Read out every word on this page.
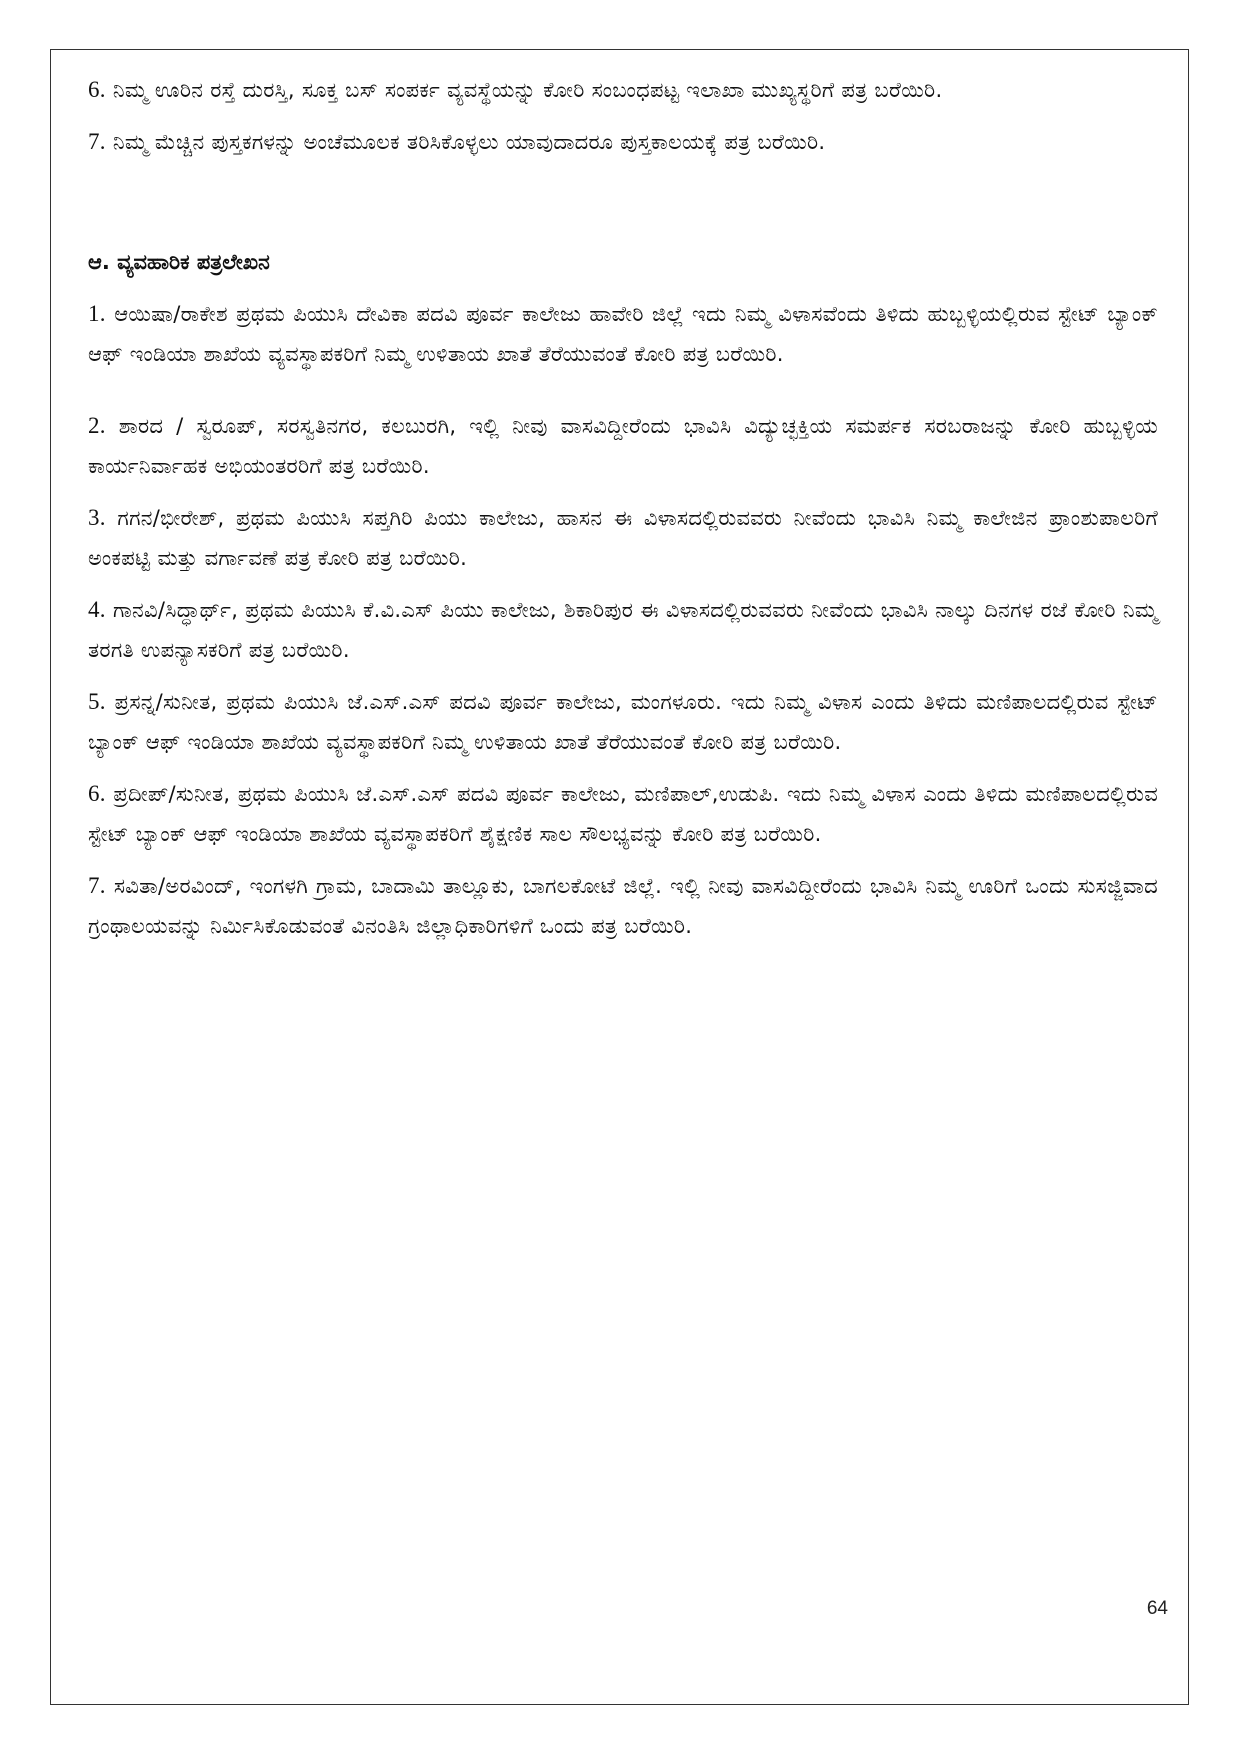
6. ನಿಮ್ಮ ಊರಿನ ರಸ್ತೆ ದುರಸ್ತಿ, ಸೂಕ್ತ ಬಸ್ ಸಂಪರ್ಕ ವ್ಯವಸ್ಥೆಯನ್ನು ಕೋರಿ ಸಂಬಂಧಪಟ್ಟ ಇಲಾಖಾ ಮುಖ್ಯಸ್ಥರಿಗೆ ಪತ್ರ ಬರೆಯಿರಿ.

7. ನಿಮ್ಮ ಮೆಚ್ಚಿನ ಪುಸ್ತಕಗಳನ್ನು ಅಂಚೆಮೂಲಕ ತರಿಸಿಕೊಳ್ಳಲು ಯಾವುದಾದರೂ ಪುಸ್ತಕಾಲಯಕ್ಕೆ ಪತ್ರ ಬರೆಯಿರಿ.

ಆ. ವ್ಯವಹಾರಿಕ ಪತ್ರಲೇಖನ

1. ಆಯಿಷಾ/ರಾಕೇಶ ಪ್ರಥಮ ಪಿಯುಸಿ ದೇವಿಕಾ ಪದವಿ ಪೂರ್ವ ಕಾಲೇಜು ಹಾವೇರಿ ಜಿಲ್ಲೆ ಇದು ನಿಮ್ಮ ವಿಳಾಸವೆಂದು ತಿಳಿದು ಹುಬ್ಬಳ್ಳಿಯಲ್ಲಿರುವ ಸ್ಟೇಟ್ ಬ್ಯಾಂಕ್ ಆಫ್ ಇಂಡಿಯಾ ಶಾಖೆಯ ವ್ಯವಸ್ಥಾಪಕರಿಗೆ ನಿಮ್ಮ ಉಳಿತಾಯ ಖಾತೆ ತೆರೆಯುವಂತೆ ಕೋರಿ ಪತ್ರ ಬರೆಯಿರಿ.

2. ಶಾರದ / ಸ್ವರೂಪ್, ಸರಸ್ವತಿನಗರ, ಕಲಬುರಗಿ, ಇಲ್ಲಿ ನೀವು ವಾಸವಿದ್ದೀರೆಂದು ಭಾವಿಸಿ ವಿದ್ಯುಚ್ಛಕ್ತಿಯ ಸಮರ್ಪಕ ಸರಬರಾಜನ್ನು ಕೋರಿ ಹುಬ್ಬಳ್ಳಿಯ ಕಾರ್ಯನಿರ್ವಾಹಕ ಅಭಿಯಂತರರಿಗೆ ಪತ್ರ ಬರೆಯಿರಿ.

3. ಗಗನ/ಭೀರೇಶ್, ಪ್ರಥಮ ಪಿಯುಸಿ ಸಪ್ತಗಿರಿ ಪಿಯು ಕಾಲೇಜು, ಹಾಸನ ಈ ವಿಳಾಸದಲ್ಲಿರುವವರು ನೀವೆಂದು ಭಾವಿಸಿ ನಿಮ್ಮ ಕಾಲೇಜಿನ ಪ್ರಾಂಶುಪಾಲರಿಗೆ ಅಂಕಪಟ್ಟಿ ಮತ್ತು ವರ್ಗಾವಣೆ ಪತ್ರ ಕೋರಿ ಪತ್ರ ಬರೆಯಿರಿ.

4. ಗಾನವಿ/ಸಿದ್ಧಾರ್ಥ್, ಪ್ರಥಮ ಪಿಯುಸಿ ಕೆ.ವಿ.ಎಸ್ ಪಿಯು ಕಾಲೇಜು, ಶಿಕಾರಿಪುರ ಈ ವಿಳಾಸದಲ್ಲಿರುವವರು ನೀವೆಂದು ಭಾವಿಸಿ ನಾಲ್ಕು ದಿನಗಳ ರಜೆ ಕೋರಿ ನಿಮ್ಮ ತರಗತಿ ಉಪನ್ಯಾಸಕರಿಗೆ ಪತ್ರ ಬರೆಯಿರಿ.

5. ಪ್ರಸನ್ನ/ಸುನೀತ, ಪ್ರಥಮ ಪಿಯುಸಿ ಜೆ.ಎಸ್.ಎಸ್ ಪದವಿ ಪೂರ್ವ ಕಾಲೇಜು, ಮಂಗಳೂರು. ಇದು ನಿಮ್ಮ ವಿಳಾಸ ಎಂದು ತಿಳಿದು ಮಣಿಪಾಲದಲ್ಲಿರುವ ಸ್ಟೇಟ್ ಬ್ಯಾಂಕ್ ಆಫ್ ಇಂಡಿಯಾ ಶಾಖೆಯ ವ್ಯವಸ್ಥಾಪಕರಿಗೆ ನಿಮ್ಮ ಉಳಿತಾಯ ಖಾತೆ ತೆರೆಯುವಂತೆ ಕೋರಿ ಪತ್ರ ಬರೆಯಿರಿ.

6. ಪ್ರದೀಪ್/ಸುನೀತ, ಪ್ರಥಮ ಪಿಯುಸಿ ಜೆ.ಎಸ್.ಎಸ್ ಪದವಿ ಪೂರ್ವ ಕಾಲೇಜು, ಮಣಿಪಾಲ್,ಉಡುಪಿ. ಇದು ನಿಮ್ಮ ವಿಳಾಸ ಎಂದು ತಿಳಿದು ಮಣಿಪಾಲದಲ್ಲಿರುವ ಸ್ಟೇಟ್ ಬ್ಯಾಂಕ್ ಆಫ್ ಇಂಡಿಯಾ ಶಾಖೆಯ ವ್ಯವಸ್ಥಾಪಕರಿಗೆ ಶೈಕ್ಷಣಿಕ ಸಾಲ ಸೌಲಭ್ಯವನ್ನು ಕೋರಿ ಪತ್ರ ಬರೆಯಿರಿ.

7. ಸವಿತಾ/ಅರವಿಂದ್, ಇಂಗಳಗಿ ಗ್ರಾಮ, ಬಾದಾಮಿ ತಾಲ್ಲೂಕು, ಬಾಗಲಕೋಟೆ ಜಿಲ್ಲೆ. ಇಲ್ಲಿ ನೀವು ವಾಸವಿದ್ದೀರೆಂದು ಭಾವಿಸಿ ನಿಮ್ಮ ಊರಿಗೆ ಒಂದು ಸುಸಜ್ಜಿವಾದ ಗ್ರಂಥಾಲಯವನ್ನು ನಿರ್ಮಿಸಿಕೊಡುವಂತೆ ವಿನಂತಿಸಿ ಜಿಲ್ಲಾಧಿಕಾರಿಗಳಿಗೆ ಒಂದು ಪತ್ರ ಬರೆಯಿರಿ.

64
